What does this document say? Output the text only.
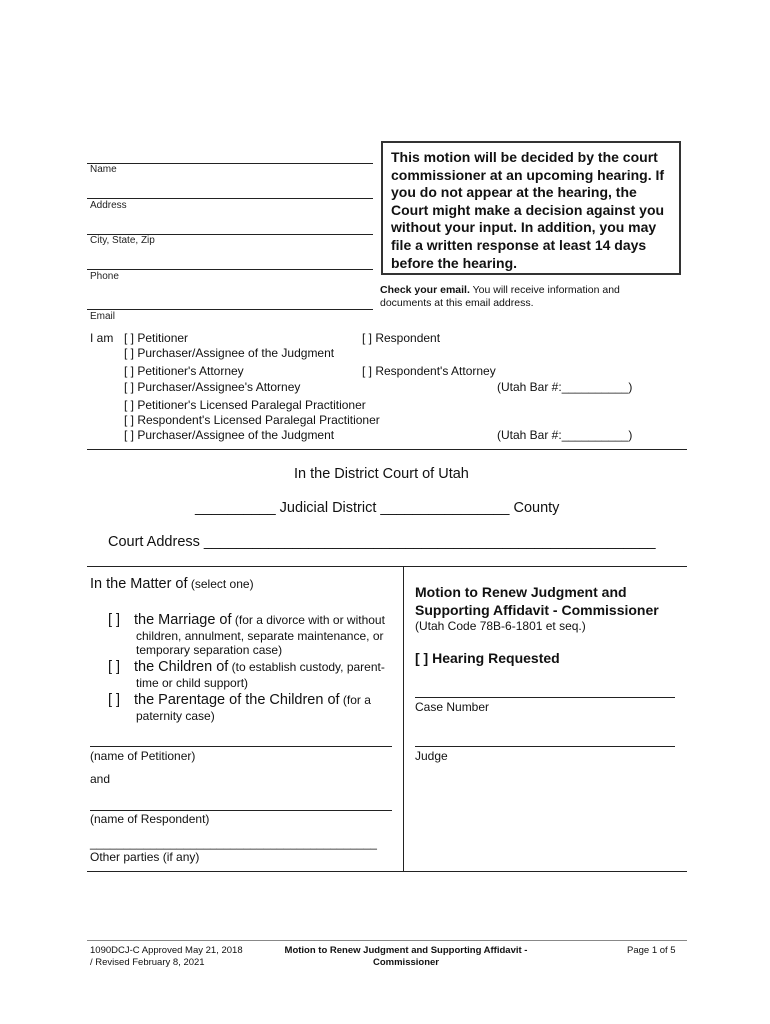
Name
Address
City, State, Zip
Phone
Email
This motion will be decided by the court
commissioner at an upcoming hearing. If
you do not appear at the hearing, the
Court might make a decision against you
without your input. In addition, you may
file a written response at least 14 days
before the hearing.
Check your email. You will receive information and
documents at this email address.
I am [ ] Petitioner	[ ] Respondent
[ ] Purchaser/Assignee of the Judgment
[ ] Petitioner's Attorney	[ ] Respondent's Attorney
[ ] Purchaser/Assignee's Attorney	(Utah Bar #:__________)
[ ] Petitioner's Licensed Paralegal Practitioner
[ ] Respondent's Licensed Paralegal Practitioner
[ ] Purchaser/Assignee of the Judgment	(Utah Bar #:__________)
In the District Court of Utah
__________ Judicial District ________________ County
Court Address ________________________________________________________
In the Matter of (select one)
[ ] the Marriage of (for a divorce with or without
children, annulment, separate maintenance, or
temporary separation case)
[ ] the Children of (to establish custody, parent-
time or child support)
[ ] the Parentage of the Children of (for a
paternity case)
(name of Petitioner)
and
(name of Respondent)
___________________________________________
Other parties (if any)
Motion to Renew Judgment and
Supporting Affidavit - Commissioner
(Utah Code 78B-6-1801 et seq.)
[ ] Hearing Requested
Case Number
Judge
1090DCJ-C Approved May 21, 2018
/ Revised February 8, 2021
Motion to Renew Judgment and Supporting Affidavit -
Commissioner
Page 1 of 5
